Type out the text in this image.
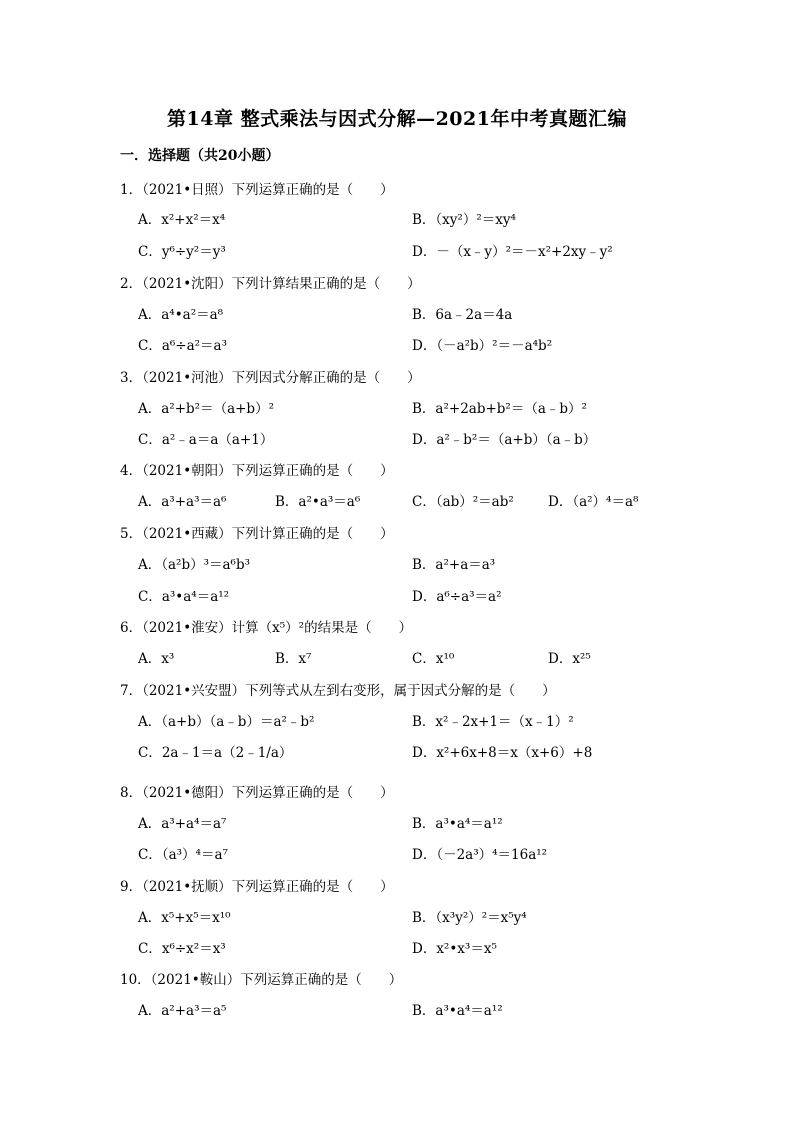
第14章 整式乘法与因式分解—2021年中考真题汇编
一．选择题（共20小题）
1．（2021•日照）下列运算正确的是（　　）
A．x²+x²＝x⁴	B．（xy²）²＝xy⁴
C．y⁶÷y²＝y³	D．－（x﹣y）²＝－x²+2xy﹣y²
2．（2021•沈阳）下列计算结果正确的是（　　）
A．a⁴•a²＝a⁸	B．6a﹣2a＝4a
C．a⁶÷a²＝a³	D．（－a²b）²＝－a⁴b²
3．（2021•河池）下列因式分解正确的是（　　）
A．a²+b²＝（a+b）²	B．a²+2ab+b²＝（a﹣b）²
C．a²﹣a＝a（a+1）	D．a²﹣b²＝（a+b）（a﹣b）
4．（2021•朝阳）下列运算正确的是（　　）
A．a³+a³＝a⁶	B．a²•a³＝a⁶	C．（ab）²＝ab²	D．（a²）⁴＝a⁸
5．（2021•西藏）下列计算正确的是（　　）
A．（a²b）³＝a⁶b³	B．a²+a＝a³
C．a³•a⁴＝a¹²	D．a⁶÷a³＝a²
6．（2021•淮安）计算（x⁵）²的结果是（　　）
A．x³	B．x⁷	C．x¹⁰	D．x²⁵
7．（2021•兴安盟）下列等式从左到右变形，属于因式分解的是（　　）
A．（a+b）（a﹣b）＝a²﹣b²	B．x²﹣2x+1＝（x﹣1）²
C．2a﹣1＝a（2﹣1/a）	D．x²+6x+8＝x（x+6）+8
8．（2021•德阳）下列运算正确的是（　　）
A．a³+a⁴＝a⁷	B．a³•a⁴＝a¹²
C．（a³）⁴＝a⁷	D．（－2a³）⁴＝16a¹²
9．（2021•抚顺）下列运算正确的是（　　）
A．x⁵+x⁵＝x¹⁰	B．（x³y²）²＝x⁵y⁴
C．x⁶÷x²＝x³	D．x²•x³＝x⁵
10．（2021•鞍山）下列运算正确的是（　　）
A．a²+a³＝a⁵	B．a³•a⁴＝a¹²
